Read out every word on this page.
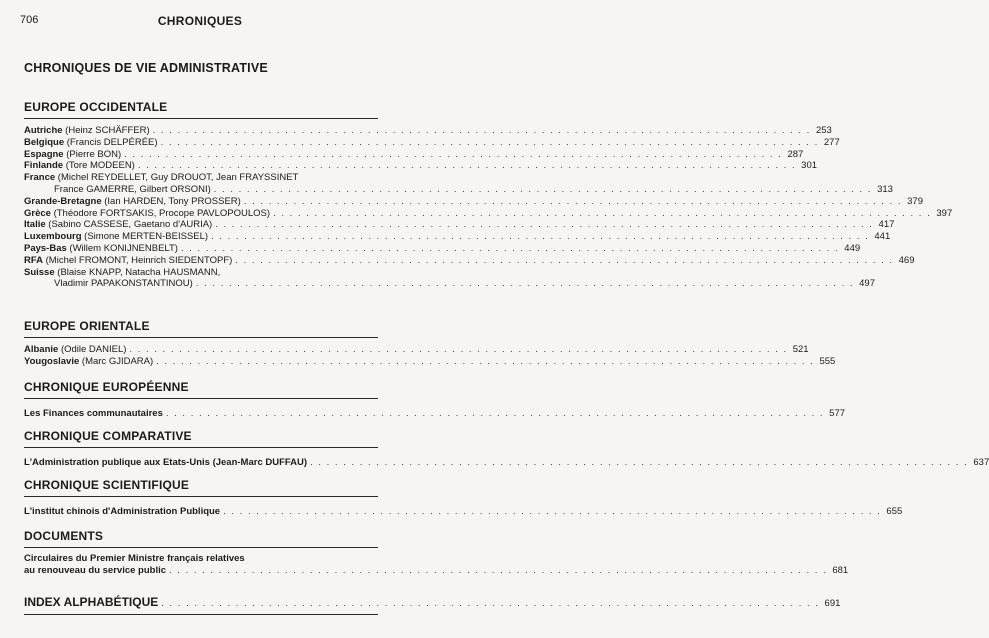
706	CHRONIQUES
CHRONIQUES DE VIE ADMINISTRATIVE
EUROPE OCCIDENTALE
Autriche (Heinz SCHÄFFER) . . .	253
Belgique (Francis DELPÉRÉE) . . .	277
Espagne (Pierre BON) . . .	287
Finlande (Tore MODEEN) . . .	301
France (Michel REYDELLET, Guy DROUOT, Jean FRAYSSINET
France GAMERRE, Gilbert ORSONI) . . .	313
Grande-Bretagne (Ian HARDEN, Tony PROSSER) . . .	379
Grèce (Théodore FORTSAKIS, Procope PAVLOPOULOS) . . .	397
Italie (Sabino CASSESE, Gaetano d'AURIA) . . .	417
Luxembourg (Simone MERTEN-BEISSEL) . . .	441
Pays-Bas (Willem KONIJNENBELT) . . .	449
RFA (Michel FROMONT, Heinrich SIEDENTOPF) . . .	469
Suisse (Blaise KNAPP, Natacha HAUSMANN,
Vladimir PAPAKONSTANTINOU) . . .	497
EUROPE ORIENTALE
Albanie (Odile DANIEL) . . .	521
Yougoslavie (Marc GJIDARA) . . .	555
CHRONIQUE EUROPÉENNE
Les Finances communautaires . . .	577
CHRONIQUE COMPARATIVE
L'Administration publique aux Etats-Unis (Jean-Marc DUFFAU) . . .	637
CHRONIQUE SCIENTIFIQUE
L'institut chinois d'Administration Publique . . .	655
DOCUMENTS
Circulaires du Premier Ministre français relatives
au renouveau du service public . . .	681
INDEX ALPHABÉTIQUE . . .	691
